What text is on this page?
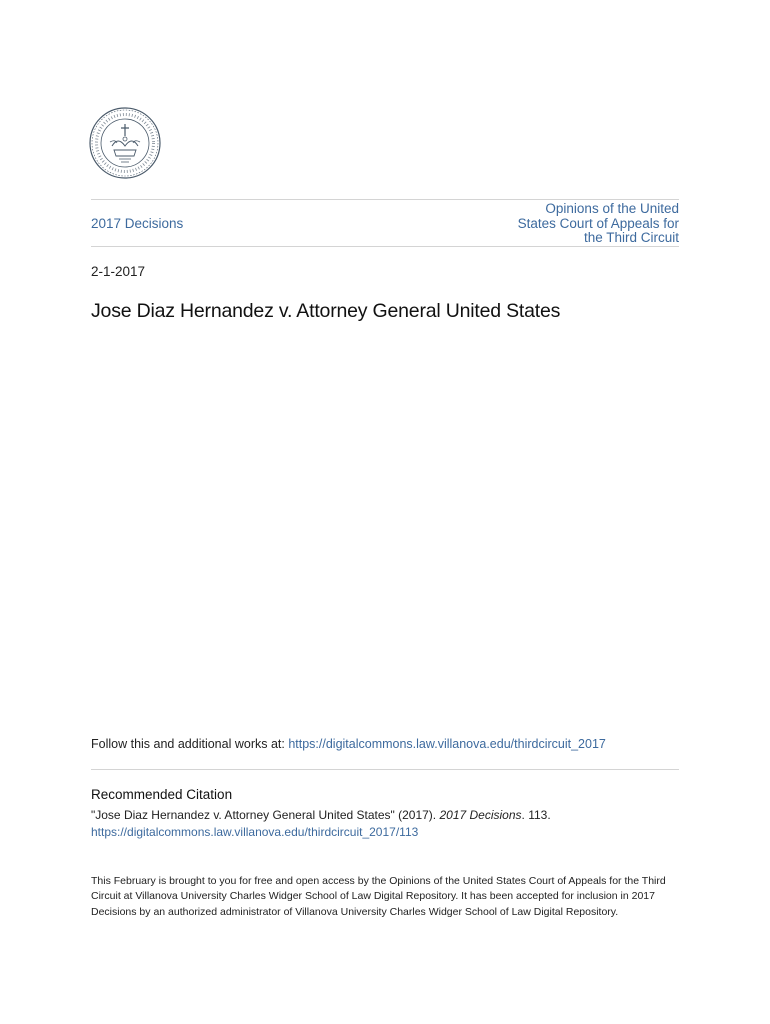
2017 Decisions
Opinions of the United States Court of Appeals for the Third Circuit
2-1-2017
Jose Diaz Hernandez v. Attorney General United States
Follow this and additional works at: https://digitalcommons.law.villanova.edu/thirdcircuit_2017
Recommended Citation
"Jose Diaz Hernandez v. Attorney General United States" (2017). 2017 Decisions. 113.
https://digitalcommons.law.villanova.edu/thirdcircuit_2017/113
This February is brought to you for free and open access by the Opinions of the United States Court of Appeals for the Third Circuit at Villanova University Charles Widger School of Law Digital Repository. It has been accepted for inclusion in 2017 Decisions by an authorized administrator of Villanova University Charles Widger School of Law Digital Repository.
